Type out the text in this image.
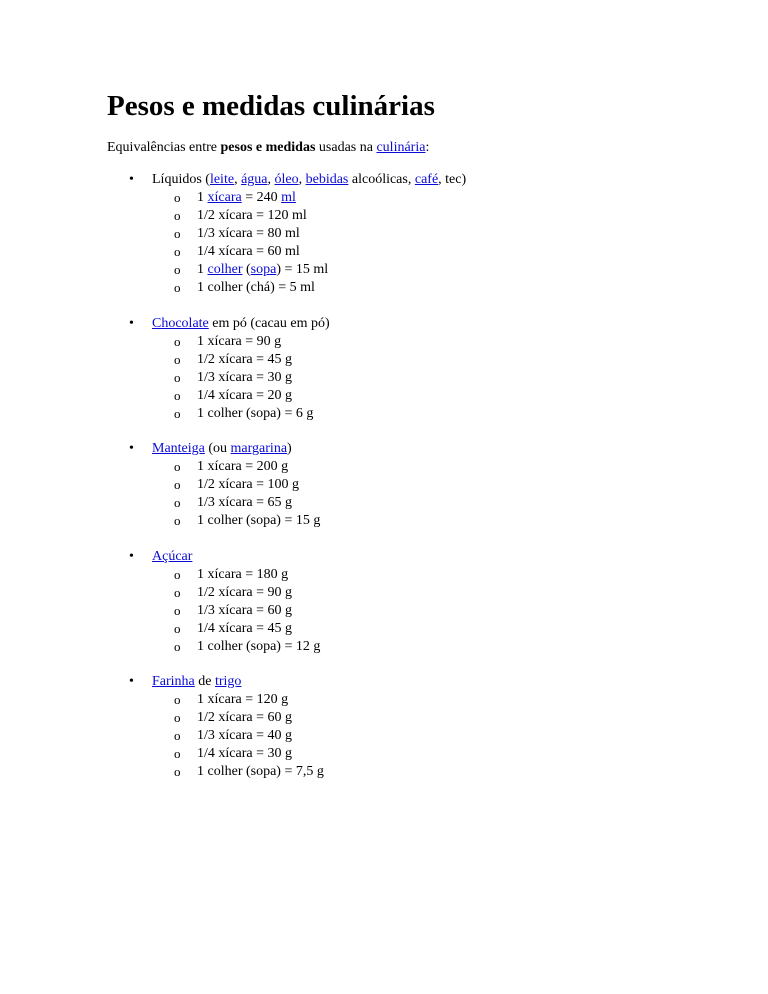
Pesos e medidas culinárias

Equivalências entre pesos e medidas usadas na culinária:

• Líquidos (leite, água, óleo, bebidas alcoólicas, café, tec)
o 1 xícara = 240 ml
o 1/2 xícara = 120 ml
o 1/3 xícara = 80 ml
o 1/4 xícara = 60 ml
o 1 colher (sopa) = 15 ml
o 1 colher (chá) = 5 ml
• Chocolate em pó (cacau em pó)
o 1 xícara = 90 g
o 1/2 xícara = 45 g
o 1/3 xícara = 30 g
o 1/4 xícara = 20 g
o 1 colher (sopa) = 6 g
• Manteiga (ou margarina)
o 1 xícara = 200 g
o 1/2 xícara = 100 g
o 1/3 xícara = 65 g
o 1 colher (sopa) = 15 g
• Açúcar
o 1 xícara = 180 g
o 1/2 xícara = 90 g
o 1/3 xícara = 60 g
o 1/4 xícara = 45 g
o 1 colher (sopa) = 12 g
• Farinha de trigo
o 1 xícara = 120 g
o 1/2 xícara = 60 g
o 1/3 xícara = 40 g
o 1/4 xícara = 30 g
o 1 colher (sopa) = 7,5 g
